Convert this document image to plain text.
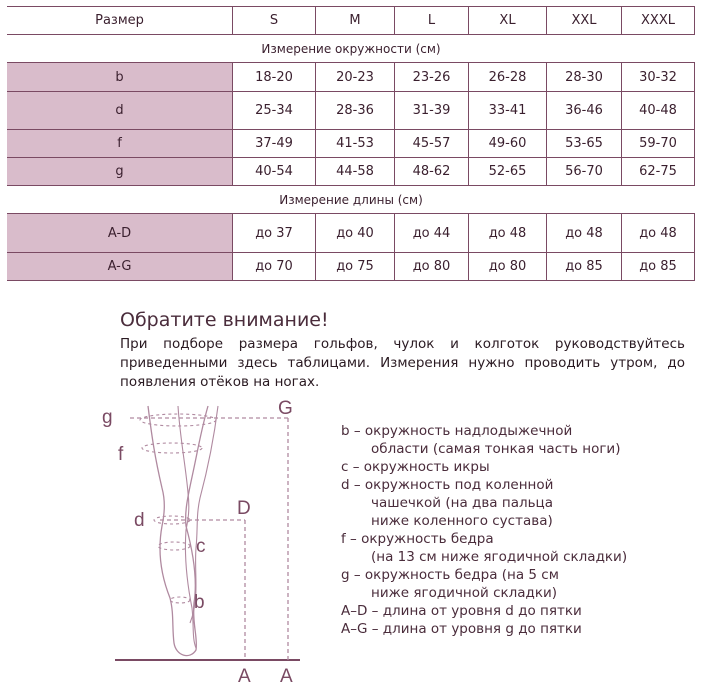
Размер	S	M	L	XL	XXL	XXXL
Измерение окружности (см)
b	18-20	20-23	23-26	26-28	28-30	30-32
d	25-34	28-36	31-39	33-41	36-46	40-48
f	37-49	41-53	45-57	49-60	53-65	59-70
g	40-54	44-58	48-62	52-65	56-70	62-75
Измерение длины (см)
A-D	до 37	до 40	до 44	до 48	до 48	до 48
A-G	до 70	до 75	до 80	до 80	до 85	до 85
Обратите внимание!
При подборе размера гольфов, чулок и колготок руководствуйтесь приведенными здесь таблицами. Измерения нужно проводить утром, до появления отёков на ногах.
g
f
d
c
b
G
D
A A

b – окружность надлодыжечной

области (самая тонкая часть ноги)

c – окружность икры

d – окружность под коленной

чашечкой (на два пальца

ниже коленного сустава)

f – окружность бедра

(на 13 см ниже ягодичной складки)

g – окружность бедра (на 5 см

ниже ягодичной складки)

A–D – длина от уровня d до пятки

A–G – длина от уровня g до пятки
